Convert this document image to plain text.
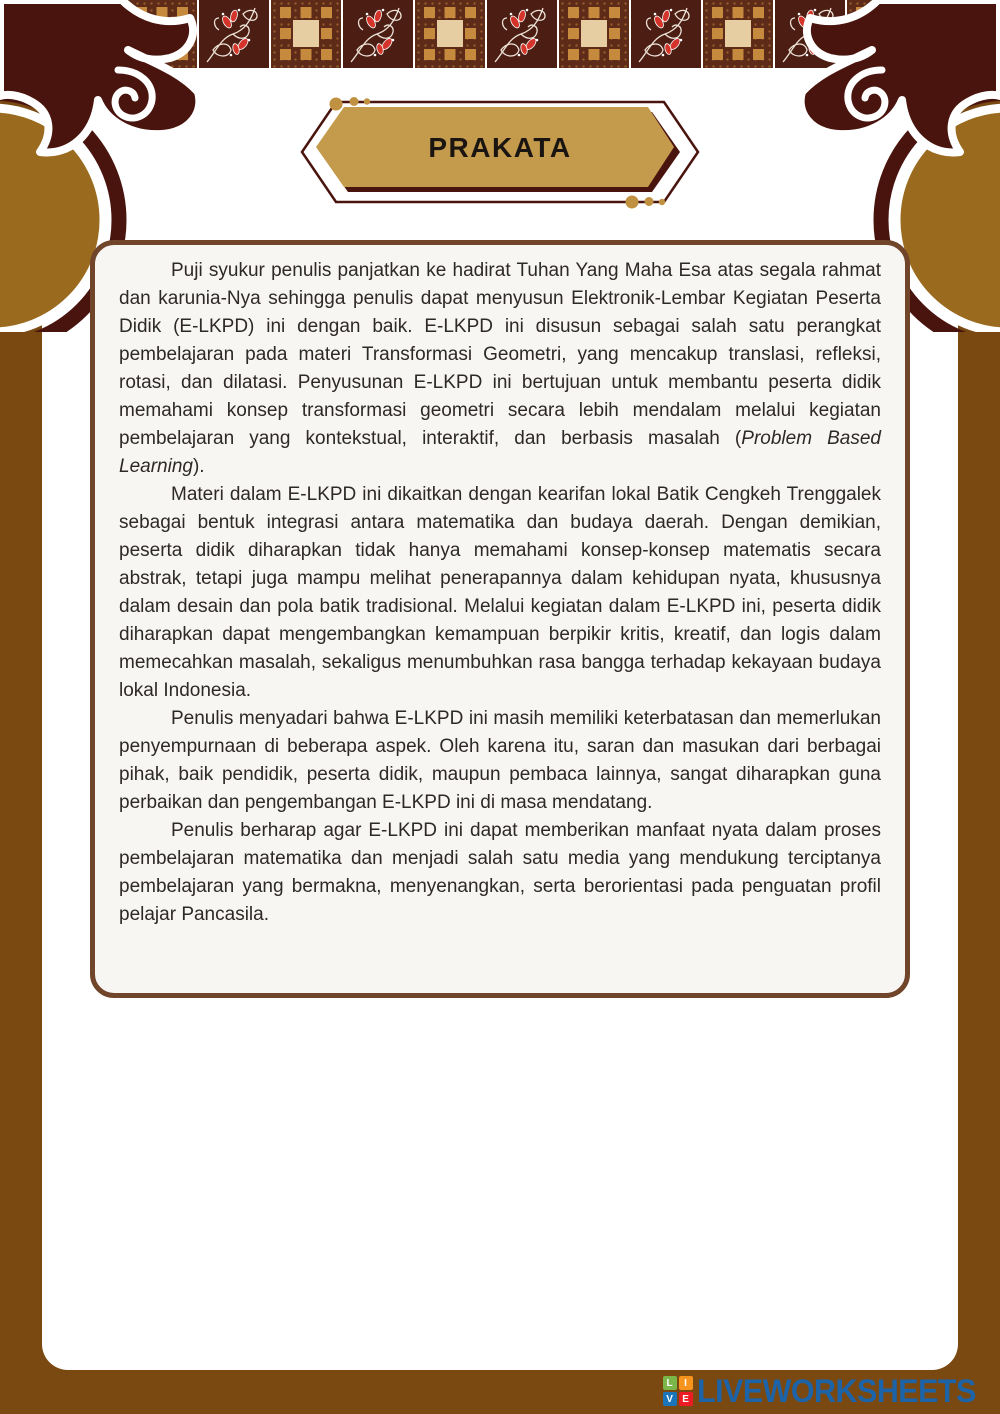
PRAKATA

Puji syukur penulis panjatkan ke hadirat Tuhan Yang Maha Esa atas segala rahmat dan karunia-Nya sehingga penulis dapat menyusun Elektronik-Lembar Kegiatan Peserta Didik (E-LKPD) ini dengan baik. E-LKPD ini disusun sebagai salah satu perangkat pembelajaran pada materi Transformasi Geometri, yang mencakup translasi, refleksi, rotasi, dan dilatasi. Penyusunan E-LKPD ini bertujuan untuk membantu peserta didik memahami konsep transformasi geometri secara lebih mendalam melalui kegiatan pembelajaran yang kontekstual, interaktif, dan berbasis masalah (Problem Based Learning).

Materi dalam E-LKPD ini dikaitkan dengan kearifan lokal Batik Cengkeh Trenggalek sebagai bentuk integrasi antara matematika dan budaya daerah. Dengan demikian, peserta didik diharapkan tidak hanya memahami konsep-konsep matematis secara abstrak, tetapi juga mampu melihat penerapannya dalam kehidupan nyata, khususnya dalam desain dan pola batik tradisional. Melalui kegiatan dalam E-LKPD ini, peserta didik diharapkan dapat mengembangkan kemampuan berpikir kritis, kreatif, dan logis dalam memecahkan masalah, sekaligus menumbuhkan rasa bangga terhadap kekayaan budaya lokal Indonesia.

Penulis menyadari bahwa E-LKPD ini masih memiliki keterbatasan dan memerlukan penyempurnaan di beberapa aspek. Oleh karena itu, saran dan masukan dari berbagai pihak, baik pendidik, peserta didik, maupun pembaca lainnya, sangat diharapkan guna perbaikan dan pengembangan E-LKPD ini di masa mendatang.

Penulis berharap agar E-LKPD ini dapat memberikan manfaat nyata dalam proses pembelajaran matematika dan menjadi salah satu media yang mendukung terciptanya pembelajaran yang bermakna, menyenangkan, serta berorientasi pada penguatan profil pelajar Pancasila.

L	I
V E LIVEWORKSHEETS
